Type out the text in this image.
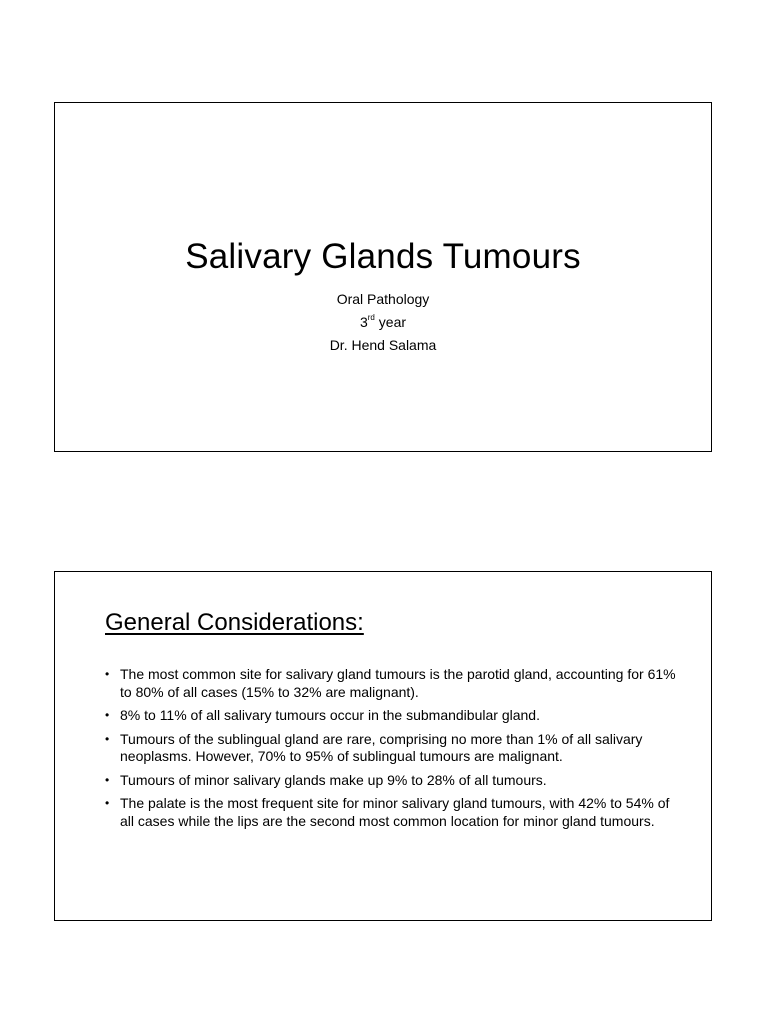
Salivary Glands Tumours
Oral Pathology
3rd year
Dr. Hend Salama
General Considerations:
• The most common site for salivary gland tumours is the parotid gland, accounting for 61% to 80% of all cases (15% to 32% are malignant).
• 8% to 11% of all salivary tumours occur in the submandibular gland.
• Tumours of the sublingual gland are rare, comprising no more than 1% of all salivary neoplasms. However, 70% to 95% of sublingual tumours are malignant.
• Tumours of minor salivary glands make up 9% to 28% of all tumours.
• The palate is the most frequent site for minor salivary gland tumours, with 42% to 54% of all cases while the lips are the second most common location for minor gland tumours.
